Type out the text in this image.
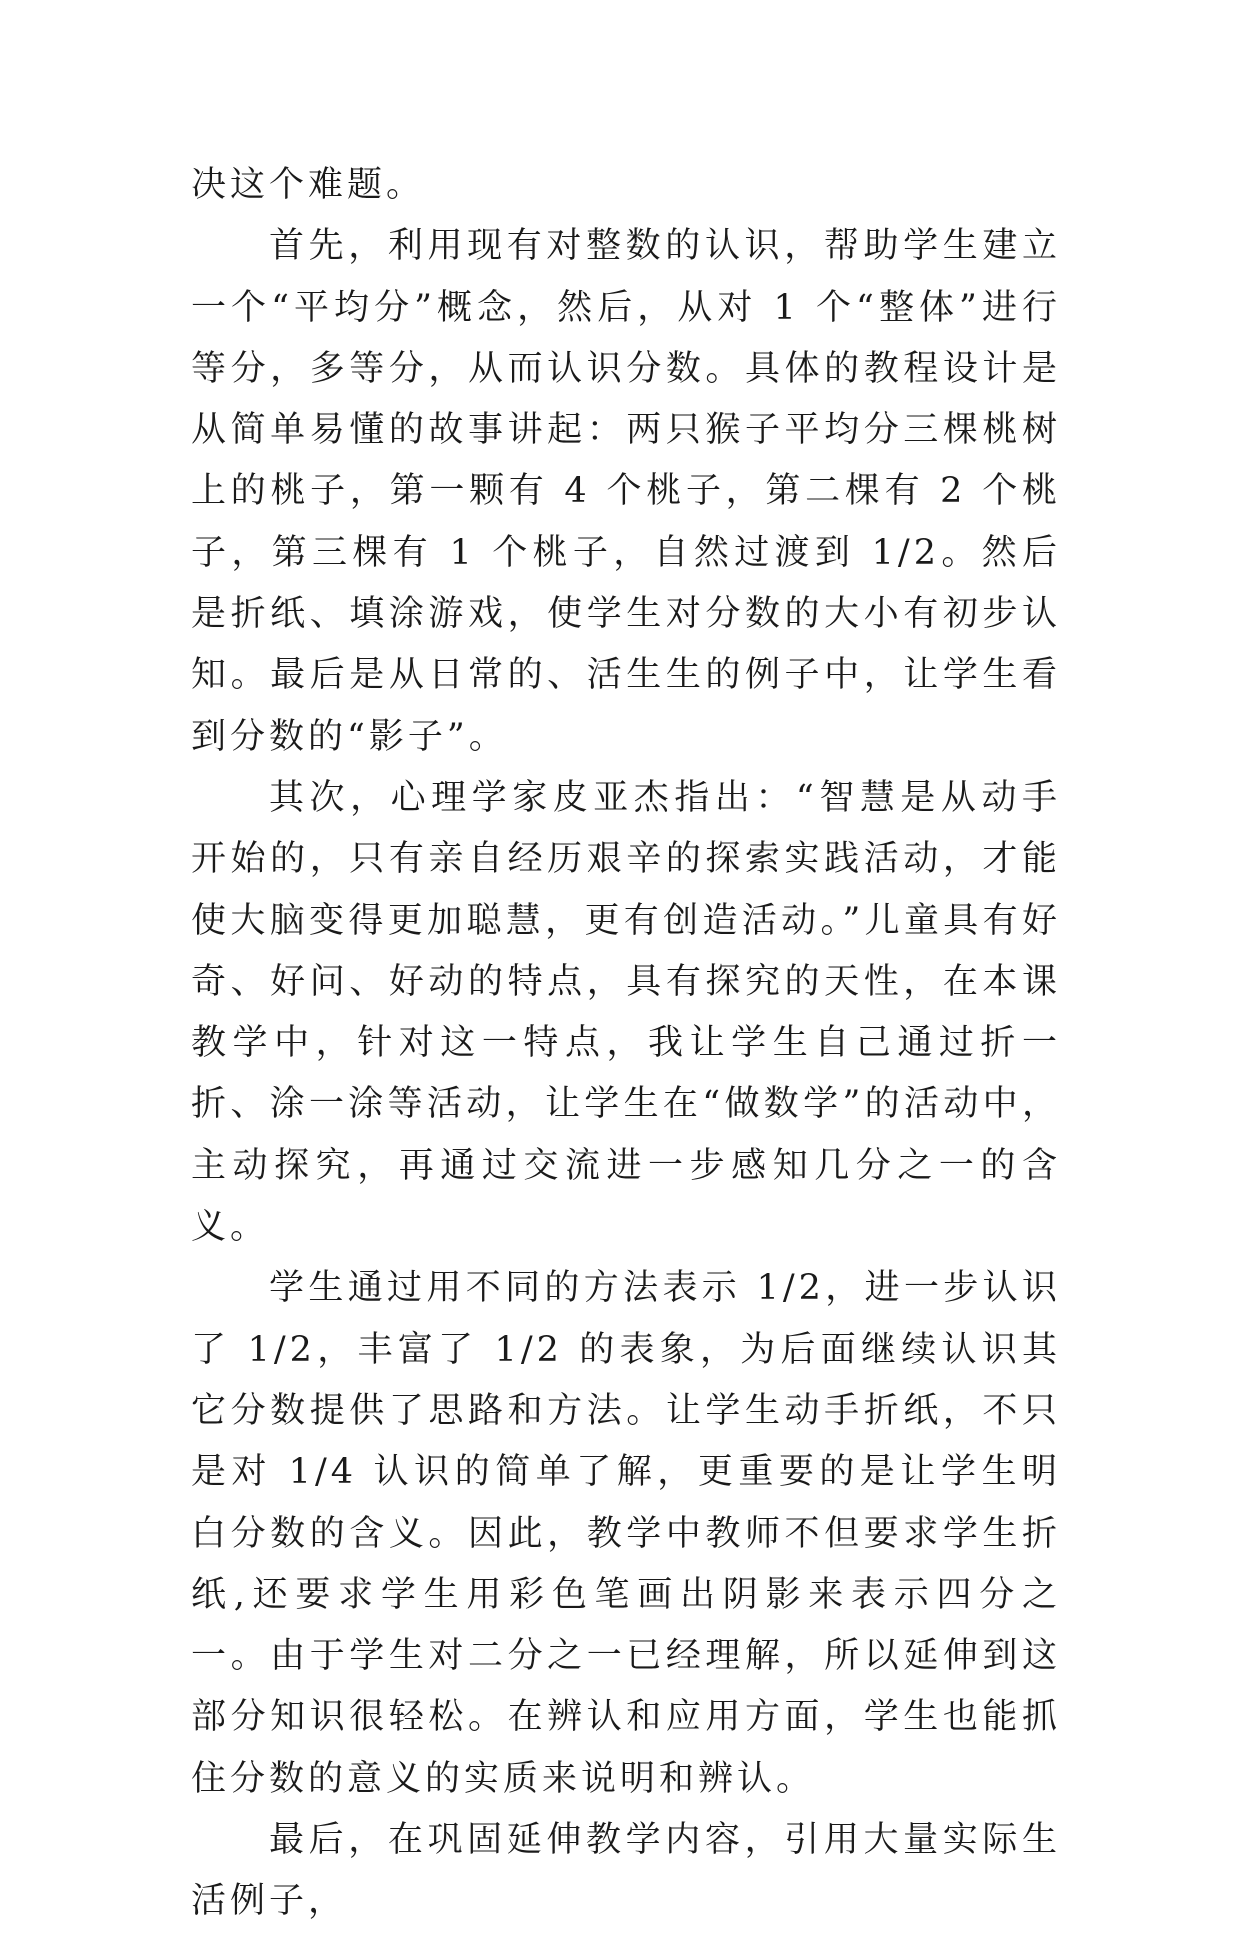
决这个难题。

首先，利用现有对整数的认识，帮助学生建立一个“平均分”概念，然后，从对 1 个“整体”进行等分，多等分，从而认识分数。具体的教程设计是从简单易懂的故事讲起：两只猴子平均分三棵桃树上的桃子，第一颗有 4 个桃子，第二棵有 2 个桃子，第三棵有 1 个桃子，自然过渡到 1/2。然后是折纸、填涂游戏，使学生对分数的大小有初步认知。最后是从日常的、活生生的例子中，让学生看到分数的“影子”。

其次，心理学家皮亚杰指出：“智慧是从动手开始的，只有亲自经历艰辛的探索实践活动，才能使大脑变得更加聪慧，更有创造活动。”儿童具有好奇、好问、好动的特点，具有探究的天性，在本课教学中，针对这一特点，我让学生自己通过折一折、涂一涂等活动，让学生在“做数学”的活动中，主动探究，再通过交流进一步感知几分之一的含义。

学生通过用不同的方法表示 1/2，进一步认识了 1/2，丰富了 1/2 的表象，为后面继续认识其它分数提供了思路和方法。让学生动手折纸，不只是对 1/4 认识的简单了解，更重要的是让学生明白分数的含义。因此，教学中教师不但要求学生折纸,还要求学生用彩色笔画出阴影来表示四分之一。由于学生对二分之一已经理解，所以延伸到这部分知识很轻松。在辨认和应用方面，学生也能抓住分数的意义的实质来说明和辨认。

最后，在巩固延伸教学内容，引用大量实际生活例子，
